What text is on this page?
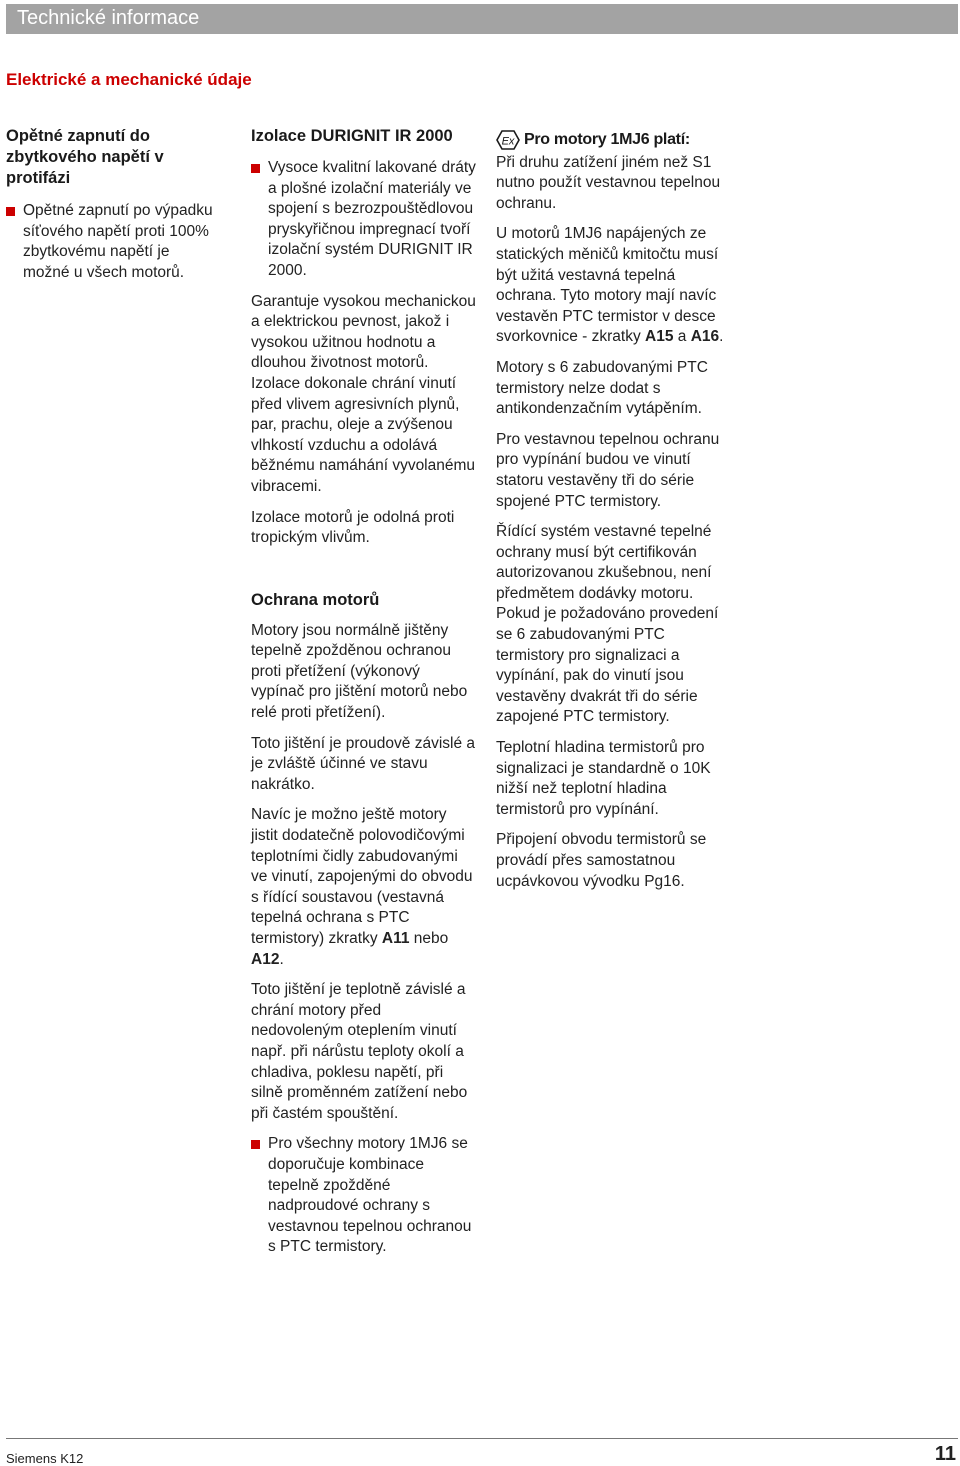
Technické informace
Elektrické a mechanické údaje
Opětné zapnutí do zbytkového napětí v protifázi

Opětné zapnutí po výpadku síťového napětí proti 100% zbytkovému napětí je možné u všech motorů.

Izolace DURIGNIT IR 2000

Vysoce kvalitní lakované dráty a plošné izolační materiály ve spojení s bezrozpouštědlovou pryskyřičnou impregnací tvoří izolační systém DURIGNIT IR 2000.

Garantuje vysokou mechanickou a elektrickou pevnost, jakož i vysokou užitnou hodnotu a dlouhou životnost motorů. Izolace dokonale chrání vinutí před vlivem agresivních plynů, par, prachu, oleje a zvýšenou vlhkostí vzduchu a odolává běžnému namáhání vyvolanému vibracemi.

Izolace motorů je odolná proti tropickým vlivům.

Ochrana motorů

Motory jsou normálně jištěny tepelně zpožděnou ochranou proti přetížení (výkonový vypínač pro jištění motorů nebo relé proti přetížení).

Toto jištění je proudově závislé a je zvláště účinné ve stavu nakrátko.

Navíc je možno ještě motory jistit dodatečně polovodičovými teplotními čidly zabudovanými ve vinutí, zapojenými do obvodu s řídící soustavou (vestavná tepelná ochrana s PTC termistory) zkratky A11 nebo A12.

Toto jištění je teplotně závislé a chrání motory před nedovoleným oteplením vinutí např. při nárůstu teploty okolí a chladiva, poklesu napětí, při silně proměnném zatížení nebo při častém spouštění.

Pro všechny motory 1MJ6 se doporučuje kombinace tepelně zpožděné nadproudové ochrany s vestavnou tepelnou ochranou s PTC termistory.

Ex Pro motory 1MJ6 platí:

Při druhu zatížení jiném než S1 nutno použít vestavnou tepelnou ochranu.

U motorů 1MJ6 napájených ze statických měničů kmitočtu musí být užitá vestavná tepelná ochrana. Tyto motory mají navíc vestavěn PTC termistor v desce svorkovnice - zkratky A15 a A16.

Motory s 6 zabudovanými PTC termistory nelze dodat s antikondenzačním vytápěním.

Pro vestavnou tepelnou ochranu pro vypínání budou ve vinutí statoru vestavěny tři do série spojené PTC termistory.

Řídící systém vestavné tepelné ochrany musí být certifikován autorizovanou zkušebnou, není předmětem dodávky motoru. Pokud je požadováno provedení se 6 zabudovanými PTC termistory pro signalizaci a vypínání, pak do vinutí jsou vestavěny dvakrát tři do série zapojené PTC termistory.

Teplotní hladina termistorů pro signalizaci je standardně o 10K nižší než teplotní hladina termistorů pro vypínání.

Připojení obvodu termistorů se provádí přes samostatnou ucpávkovou vývodku Pg16.

Siemens K12	11
